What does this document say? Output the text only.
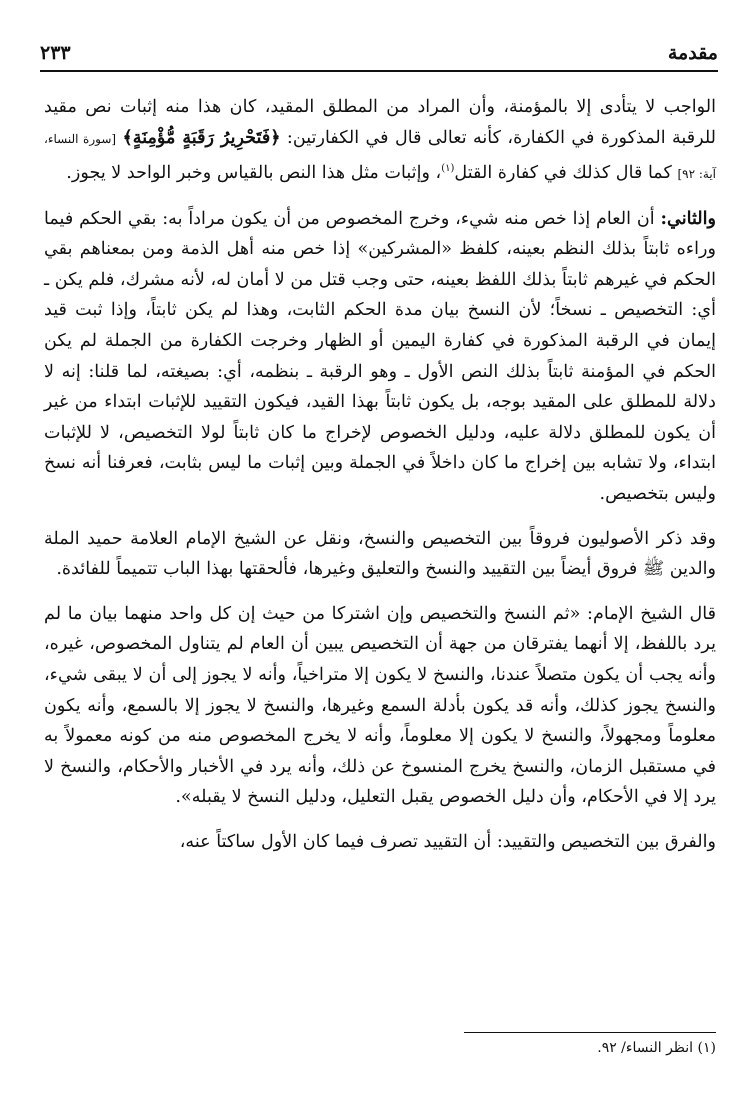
مقدمة
٢٣٣

الواجب لا يتأدى إلا بالمؤمنة، وأن المراد من المطلق المقيد، كان هذا منه إثبات نص مقيد للرقبة المذكورة في الكفارة، كأنه تعالى قال في الكفارتين: ﴿فَتَحْرِيرُ رَقَبَةٍ مُّؤْمِنَةٍ﴾ [سورة النساء، آية: ٩٢] كما قال كذلك في كفارة القتل$^{(١)}$، وإثبات مثل هذا النص بالقياس وخبر الواحد لا يجوز.

والثاني: أن العام إذا خص منه شيء، وخرج المخصوص من أن يكون مراداً به: بقي الحكم فيما وراءه ثابتاً بذلك النظم بعينه، كلفظ «المشركين» إذا خص منه أهل الذمة ومن بمعناهم بقي الحكم في غيرهم ثابتاً بذلك اللفظ بعينه، حتى وجب قتل من لا أمان له، لأنه مشرك، فلم يكن ـ أي: التخصيص ـ نسخاً؛ لأن النسخ بيان مدة الحكم الثابت، وهذا لم يكن ثابتاً، وإذا ثبت قيد إيمان في الرقبة المذكورة في كفارة اليمين أو الظهار وخرجت الكفارة من الجملة لم يكن الحكم في المؤمنة ثابتاً بذلك النص الأول ـ وهو الرقبة ـ بنظمه، أي: بصيغته، لما قلنا: إنه لا دلالة للمطلق على المقيد بوجه، بل يكون ثابتاً بهذا القيد، فيكون التقييد للإثبات ابتداء من غير أن يكون للمطلق دلالة عليه، ودليل الخصوص لإخراج ما كان ثابتاً لولا التخصيص، لا للإثبات ابتداء، ولا تشابه بين إخراج ما كان داخلاً في الجملة وبين إثبات ما ليس بثابت، فعرفنا أنه نسخ وليس بتخصيص.

وقد ذكر الأصوليون فروقاً بين التخصيص والنسخ، ونقل عن الشيخ الإمام العلامة حميد الملة والدين ﷺ فروق أيضاً بين التقييد والنسخ والتعليق وغيرها، فألحقتها بهذا الباب تتميماً للفائدة.

قال الشيخ الإمام: «ثم النسخ والتخصيص وإن اشتركا من حيث إن كل واحد منهما بيان ما لم يرد باللفظ، إلا أنهما يفترقان من جهة أن التخصيص يبين أن العام لم يتناول المخصوص، غيره، وأنه يجب أن يكون متصلاً عندنا، والنسخ لا يكون إلا متراخياً، وأنه لا يجوز إلى أن لا يبقى شيء، والنسخ يجوز كذلك، وأنه قد يكون بأدلة السمع وغيرها، والنسخ لا يجوز إلا بالسمع، وأنه يكون معلوماً ومجهولاً، والنسخ لا يكون إلا معلوماً، وأنه لا يخرج المخصوص منه من كونه معمولاً به في مستقبل الزمان، والنسخ يخرج المنسوخ عن ذلك، وأنه يرد في الأخبار والأحكام، والنسخ لا يرد إلا في الأحكام، وأن دليل الخصوص يقبل التعليل، ودليل النسخ لا يقبله».

والفرق بين التخصيص والتقييد: أن التقييد تصرف فيما كان الأول ساكتاً عنه،

(١) انظر النساء/ ٩٢.
